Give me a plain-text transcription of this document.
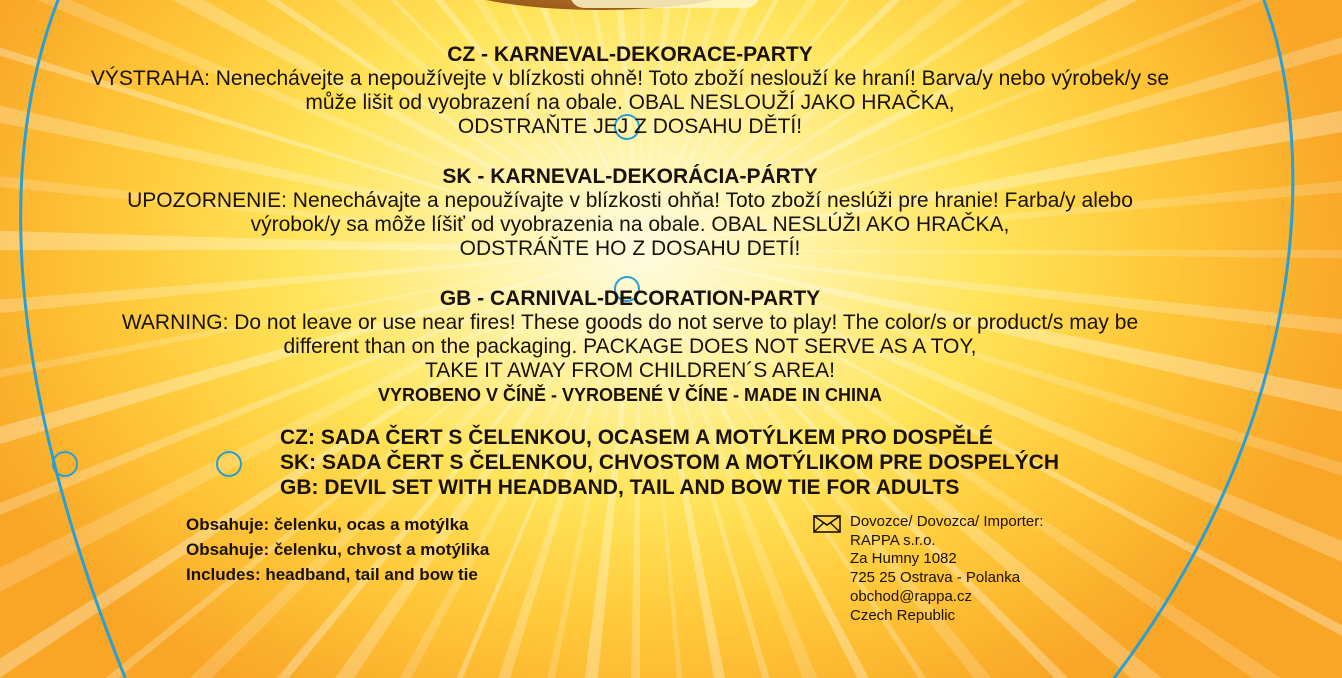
CZ - KARNEVAL-DEKORACE-PARTY
VÝSTRAHA: Nenechávejte a nepoužívejte v blízkosti ohně! Toto zboží neslouží ke hraní! Barva/y nebo výrobek/y se
může lišit od vyobrazení na obale. OBAL NESLOUŽÍ JAKO HRAČKA,
ODSTRAŇTE JEJ Z DOSAHU DĚTÍ!
SK - KARNEVAL-DEKORÁCIA-PÁRTY
UPOZORNENIE: Nenechávajte a nepoužívajte v blízkosti ohňa! Toto zboží neslúži pre hranie! Farba/y alebo
výrobok/y sa môže líšiť od vyobrazenia na obale. OBAL NESLÚŽI AKO HRAČKA,
ODSTRÁŇTE HO Z DOSAHU DETÍ!
GB - CARNIVAL-DECORATION-PARTY
WARNING: Do not leave or use near fires! These goods do not serve to play! The color/s or product/s may be
different than on the packaging. PACKAGE DOES NOT SERVE AS A TOY,
TAKE IT AWAY FROM CHILDREN´S AREA!
VYROBENO V ČÍNĚ - VYROBENÉ V ČÍNE - MADE IN CHINA
CZ: SADA ČERT S ČELENKOU, OCASEM A MOTÝLKEM PRO DOSPĚLÉ
SK: SADA ČERT S ČELENKOU, CHVOSTOM A MOTÝLIKOM PRE DOSPELÝCH
GB: DEVIL SET WITH HEADBAND, TAIL AND BOW TIE FOR ADULTS
Obsahuje: čelenku, ocas a motýlka
Obsahuje: čelenku, chvost a motýlika
Includes: headband, tail and bow tie
Dovozce/ Dovozca/ Importer:
RAPPA s.r.o.
Za Humny 1082
725 25 Ostrava - Polanka
obchod@rappa.cz
Czech Republic
